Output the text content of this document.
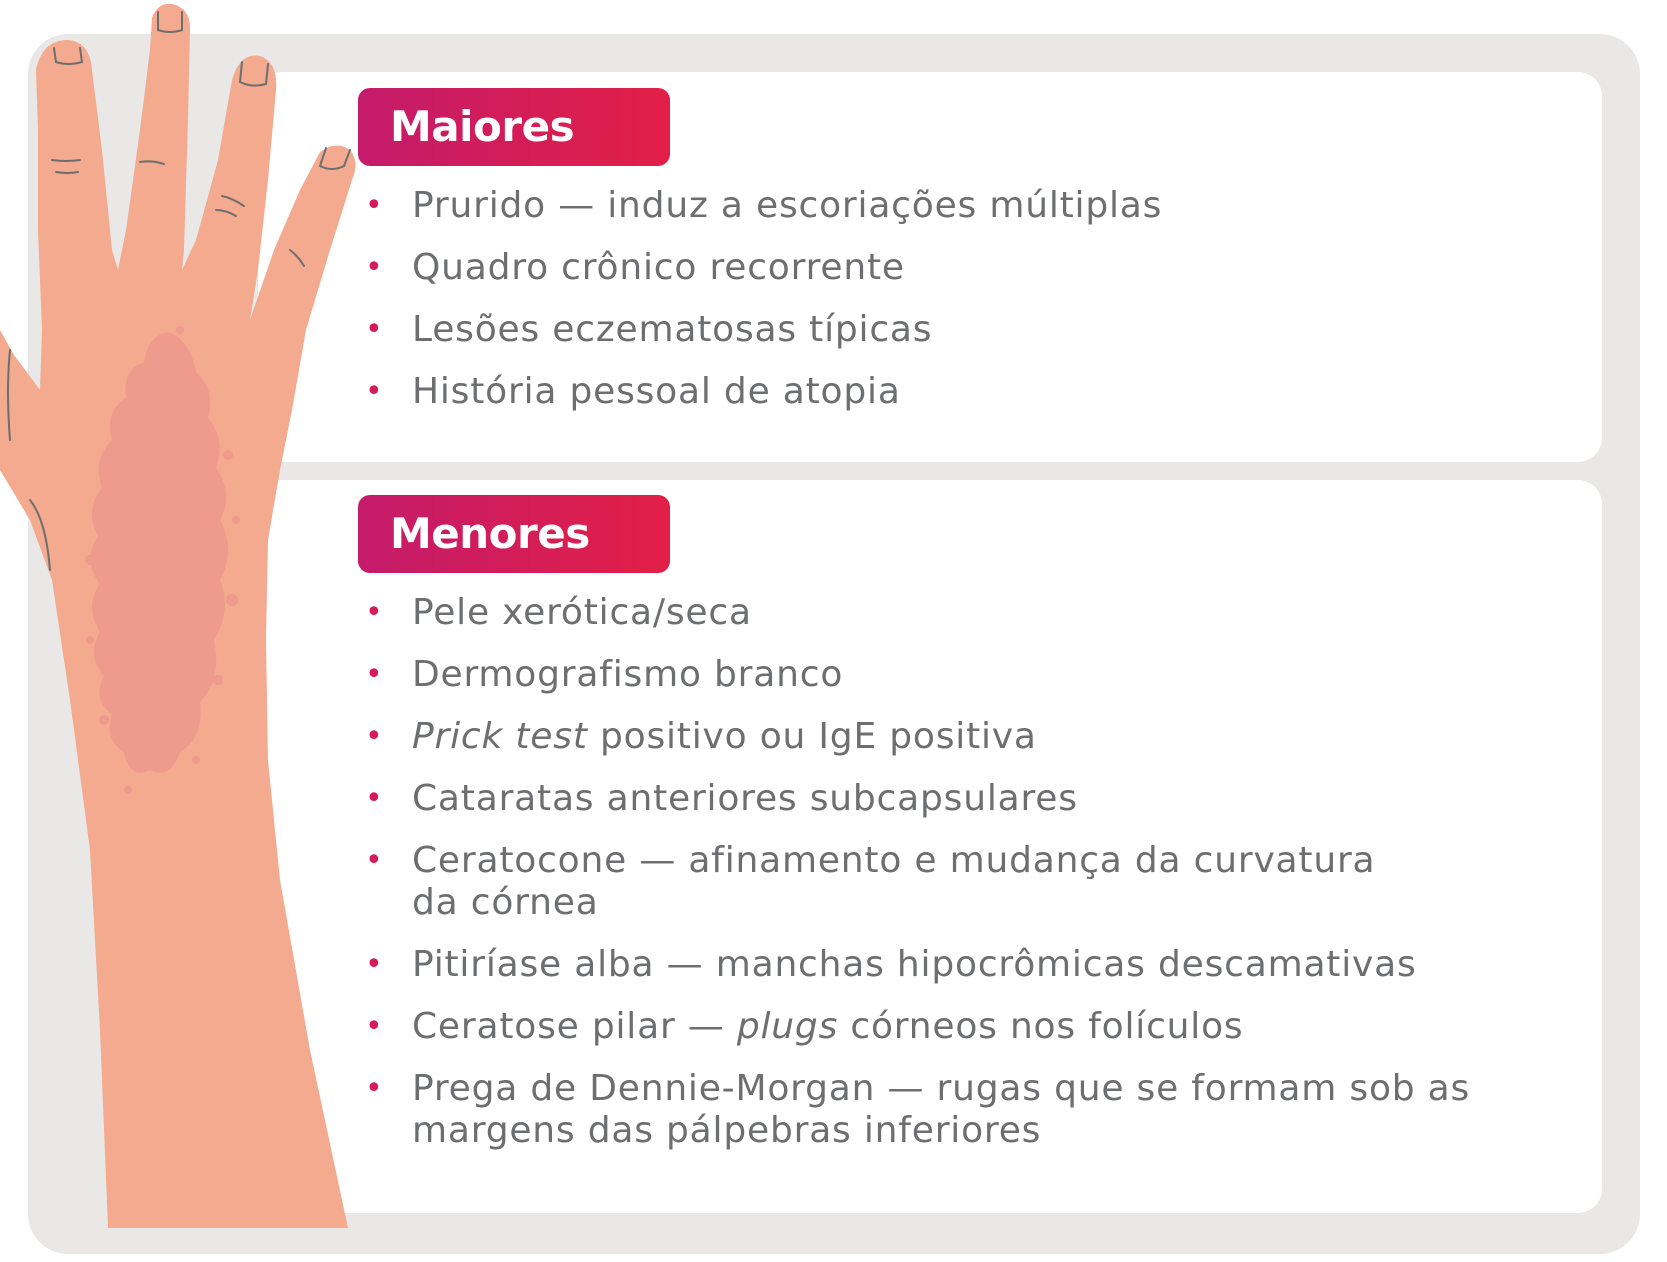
Maiores
• Prurido — induz a escoriações múltiplas
• Quadro crônico recorrente
• Lesões eczematosas típicas
• História pessoal de atopia
Menores
• Pele xerótica/seca
• Dermografismo branco
• Prick test positivo ou IgE positiva
• Cataratas anteriores subcapsulares
• Ceratocone — afinamento e mudança da curvatura
da córnea
• Pitiríase alba — manchas hipocrômicas descamativas
• Ceratose pilar — plugs córneos nos folículos
• Prega de Dennie-Morgan — rugas que se formam sob as
margens das pálpebras inferiores
